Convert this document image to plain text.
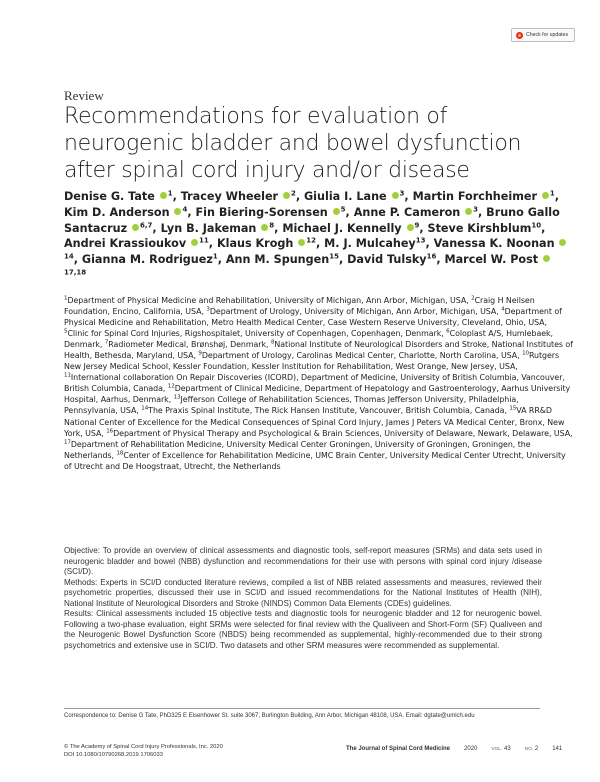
Check for updates
Review
Recommendations for evaluation of neurogenic bladder and bowel dysfunction after spinal cord injury and/or disease
Denise G. Tate $^1$, Tracey Wheeler $^2$, Giulia I. Lane $^3$, Martin Forchheimer $^1$, Kim D. Anderson $^4$, Fin Biering-Sorensen $^5$, Anne P. Cameron $^3$, Bruno Gallo Santacruz $^{6,7}$, Lyn B. Jakeman $^8$, Michael J. Kennelly $^9$, Steve Kirshblum$^{10}$, Andrei Krassioukov $^{11}$, Klaus Krogh $^{12}$, M. J. Mulcahey$^{13}$, Vanessa K. Noonan $^{14}$, Gianna M. Rodriguez$^1$, Ann M. Spungen$^{15}$, David Tulsky$^{16}$, Marcel W. Post $^{17,18}$
$^1$Department of Physical Medicine and Rehabilitation, University of Michigan, Ann Arbor, Michigan, USA, $^2$Craig H Neilsen Foundation, Encino, California, USA, $^3$Department of Urology, University of Michigan, Ann Arbor, Michigan, USA, $^4$Department of Physical Medicine and Rehabilitation, Metro Health Medical Center, Case Western Reserve University, Cleveland, Ohio, USA, $^5$Clinic for Spinal Cord Injuries, Rigshospitalet, University of Copenhagen, Copenhagen, Denmark, $^6$Coloplast A/S, Humlebaek, Denmark, $^7$Radiometer Medical, Brønshøj, Denmark, $^8$National Institute of Neurological Disorders and Stroke, National Institutes of Health, Bethesda, Maryland, USA, $^9$Department of Urology, Carolinas Medical Center, Charlotte, North Carolina, USA, $^{10}$Rutgers New Jersey Medical School, Kessler Foundation, Kessler Institution for Rehabilitation, West Orange, New Jersey, USA, $^{11}$International collaboration On Repair Discoveries (ICORD), Department of Medicine, University of British Columbia, Vancouver, British Columbia, Canada, $^{12}$Department of Clinical Medicine, Department of Hepatology and Gastroenterology, Aarhus University Hospital, Aarhus, Denmark, $^{13}$Jefferson College of Rehabilitation Sciences, Thomas Jefferson University, Philadelphia, Pennsylvania, USA, $^{14}$The Praxis Spinal Institute, The Rick Hansen Institute, Vancouver, British Columbia, Canada, $^{15}$VA RR&D National Center of Excellence for the Medical Consequences of Spinal Cord Injury, James J Peters VA Medical Center, Bronx, New York, USA, $^{16}$Department of Physical Therapy and Psychological & Brain Sciences, University of Delaware, Newark, Delaware, USA, $^{17}$Department of Rehabilitation Medicine, University Medical Center Groningen, University of Groningen, Groningen, the Netherlands, $^{18}$Center of Excellence for Rehabilitation Medicine, UMC Brain Center, University Medical Center Utrecht, University of Utrecht and De Hoogstraat, Utrecht, the Netherlands

Objective: To provide an overview of clinical assessments and diagnostic tools, self-report measures (SRMs) and data sets used in neurogenic bladder and bowel (NBB) dysfunction and recommendations for their use with persons with spinal cord injury /disease (SCI/D).

Methods: Experts in SCI/D conducted literature reviews, compiled a list of NBB related assessments and measures, reviewed their psychometric properties, discussed their use in SCI/D and issued recommendations for the National Institutes of Health (NIH), National Institute of Neurological Disorders and Stroke (NINDS) Common Data Elements (CDEs) guidelines.

Results: Clinical assessments included 15 objective tests and diagnostic tools for neurogenic bladder and 12 for neurogenic bowel. Following a two-phase evaluation, eight SRMs were selected for final review with the Qualiveen and Short-Form (SF) Qualiveen and the Neurogenic Bowel Dysfunction Score (NBDS) being recommended as supplemental, highly-recommended due to their strong psychometrics and extensive use in SCI/D. Two datasets and other SRM measures were recommended as supplemental.

Correspondence to: Denise G Tate, PhD325 E Eisenhower St. suite 3067, Burlington Building, Ann Arbor, Michigan 48108, USA. Email: dgtate@umich.edu
© The Academy of Spinal Cord Injury Professionals, Inc. 2020
DOI 10.1080/10790268.2019.1706033
The Journal of Spinal Cord Medicine 2020	VOL. 43	NO. 2 141
